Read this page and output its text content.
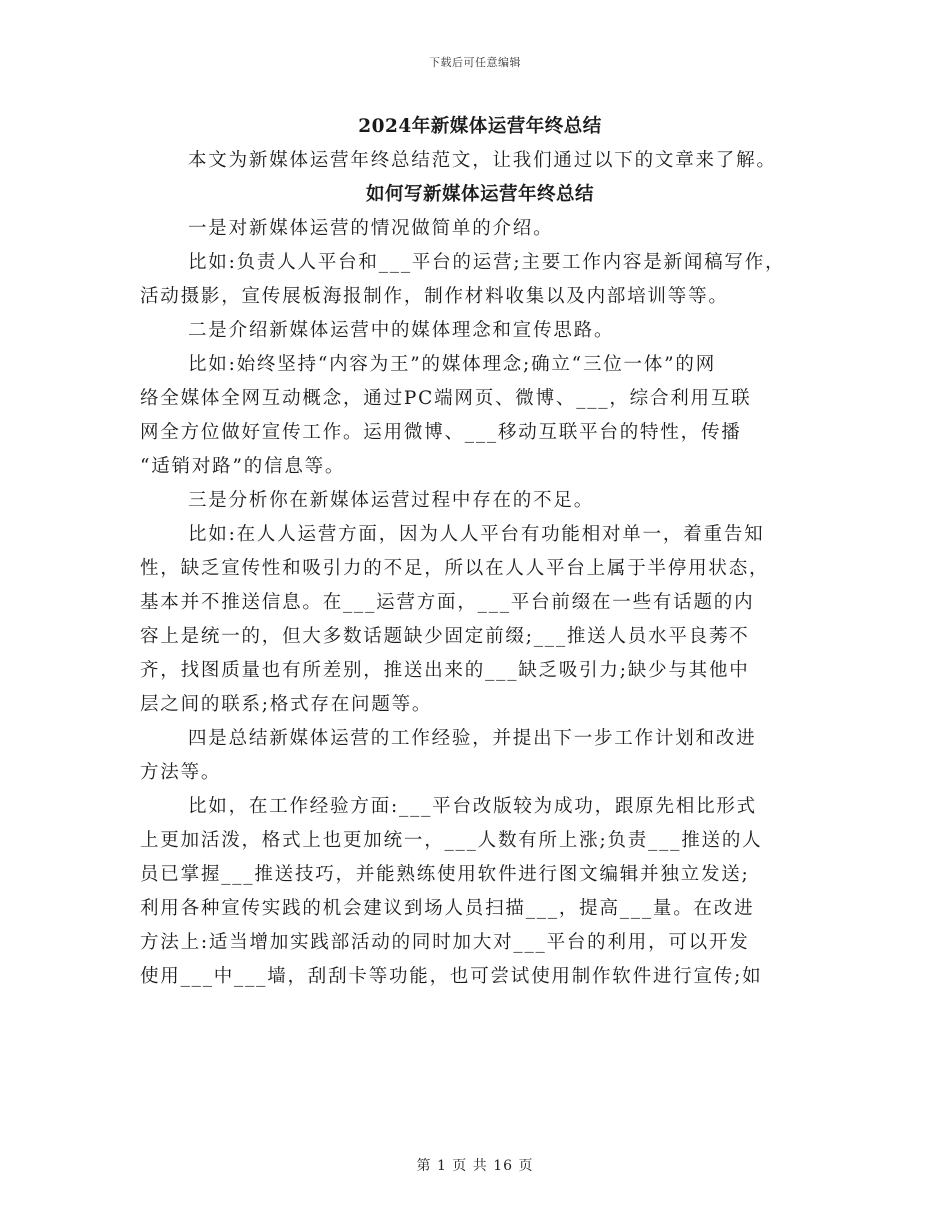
下载后可任意编辑
2024年新媒体运营年终总结

本文为新媒体运营年终总结范文，让我们通过以下的文章来了解。

如何写新媒体运营年终总结
一是对新媒体运营的情况做简单的介绍。
比如:负责人人平台和___平台的运营;主要工作内容是新闻稿写作，
活动摄影，宣传展板海报制作，制作材料收集以及内部培训等等。
二是介绍新媒体运营中的媒体理念和宣传思路。
比如:始终坚持“内容为王”的媒体理念;确立“三位一体”的网
络全媒体全网互动概念，通过PC端网页、微博、___，综合利用互联
网全方位做好宣传工作。运用微博、___移动互联平台的特性，传播
“适销对路”的信息等。
三是分析你在新媒体运营过程中存在的不足。
比如:在人人运营方面，因为人人平台有功能相对单一，着重告知
性，缺乏宣传性和吸引力的不足，所以在人人平台上属于半停用状态，
基本并不推送信息。在___运营方面，___平台前缀在一些有话题的内
容上是统一的，但大多数话题缺少固定前缀;___推送人员水平良莠不
齐，找图质量也有所差别，推送出来的___缺乏吸引力;缺少与其他中
层之间的联系;格式存在问题等。
四是总结新媒体运营的工作经验，并提出下一步工作计划和改进
方法等。
比如，在工作经验方面:___平台改版较为成功，跟原先相比形式
上更加活泼，格式上也更加统一，___人数有所上涨;负责___推送的人
员已掌握___推送技巧，并能熟练使用软件进行图文编辑并独立发送;
利用各种宣传实践的机会建议到场人员扫描___，提高___量。在改进
方法上:适当增加实践部活动的同时加大对___平台的利用，可以开发
使用___中___墙，刮刮卡等功能，也可尝试使用制作软件进行宣传;如
第 1 页 共 16 页
